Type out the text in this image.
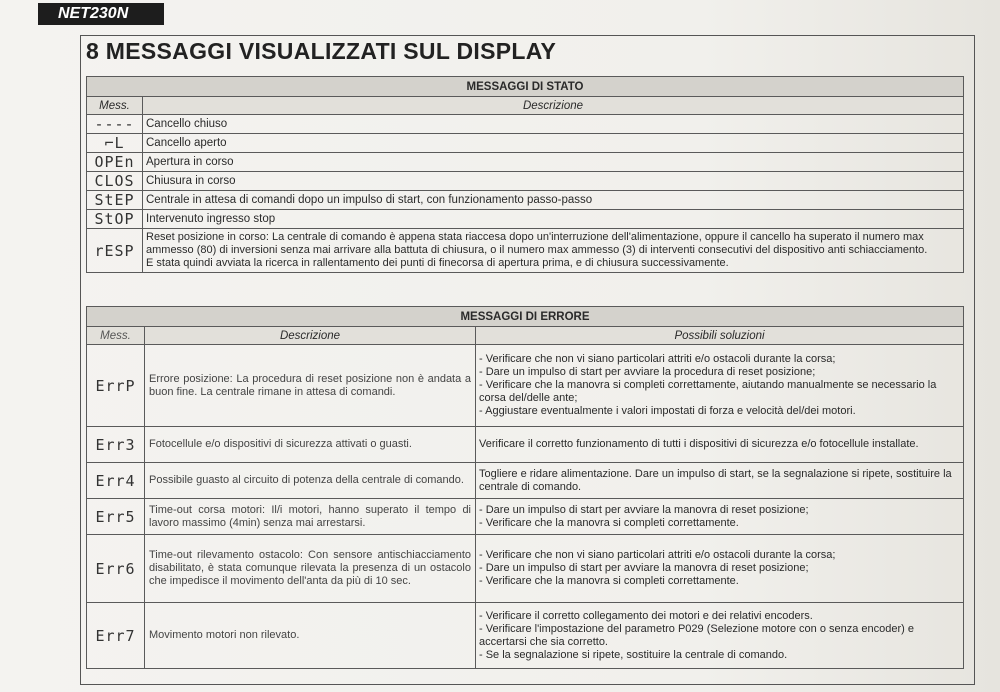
NET230N
8 MESSAGGI VISUALIZZATI SUL DISPLAY
MESSAGGI DI STATO	
Mess.	Descrizione
----	Cancello chiuso
⌐L	Cancello aperto
OPEn	Apertura in corso
CLOS	Chiusura in corso
StEP	Centrale in attesa di comandi dopo un impulso di start, con funzionamento passo-passo
StOP	Intervenuto ingresso stop
rESP	Reset posizione in corso: La centrale di comando è appena stata riaccesa dopo un'interruzione dell'alimentazione, oppure il cancello ha superato il numero max ammesso (80) di inversioni senza mai arrivare alla battuta di chiusura, o il numero max ammesso (3) di interventi consecutivi del dispositivo anti schiacciamento.
E stata quindi avviata la ricerca in rallentamento dei punti di finecorsa di apertura prima, e di chiusura successivamente.
MESSAGGI DI ERRORE		
Mess.	Descrizione	Possibili soluzioni
ErrP	Errore posizione: La procedura di reset posizione non è andata a buon fine. La centrale rimane in attesa di comandi.	- Verificare che non vi siano particolari attriti e/o ostacoli durante la corsa;
- Dare un impulso di start per avviare la procedura di reset posizione;
- Verificare che la manovra si completi correttamente, aiutando manualmente se necessario la corsa del/delle ante;
- Aggiustare eventualmente i valori impostati di forza e velocità del/dei motori.

Err3	Fotocellule e/o dispositivi di sicurezza attivati o guasti.	Verificare il corretto funzionamento di tutti i dispositivi di sicurezza e/o fotocellule installate.

Err4	Possibile guasto al circuito di potenza della centrale di comando.	Togliere e ridare alimentazione. Dare un impulso di start, se la segnalazione si ripete, sostituire la centrale di comando.

Err5	Time-out corsa motori: Il/i motori, hanno superato il tempo di lavoro massimo (4min) senza mai arrestarsi.	- Dare un impulso di start per avviare la manovra di reset posizione;
- Verificare che la manovra si completi correttamente.

Err6	Time-out rilevamento ostacolo: Con sensore antischiacciamento disabilitato, è stata comunque rilevata la presenza di un ostacolo che impedisce il movimento dell'anta da più di 10 sec.	- Verificare che non vi siano particolari attriti e/o ostacoli durante la corsa;
- Dare un impulso di start per avviare la manovra di reset posizione;
- Verificare che la manovra si completi correttamente.

Err7	Movimento motori non rilevato.	- Verificare il corretto collegamento dei motori e dei relativi encoders.
- Verificare l'impostazione del parametro P029 (Selezione motore con o senza encoder) e accertarsi che sia corretto.
- Se la segnalazione si ripete, sostituire la centrale di comando.
